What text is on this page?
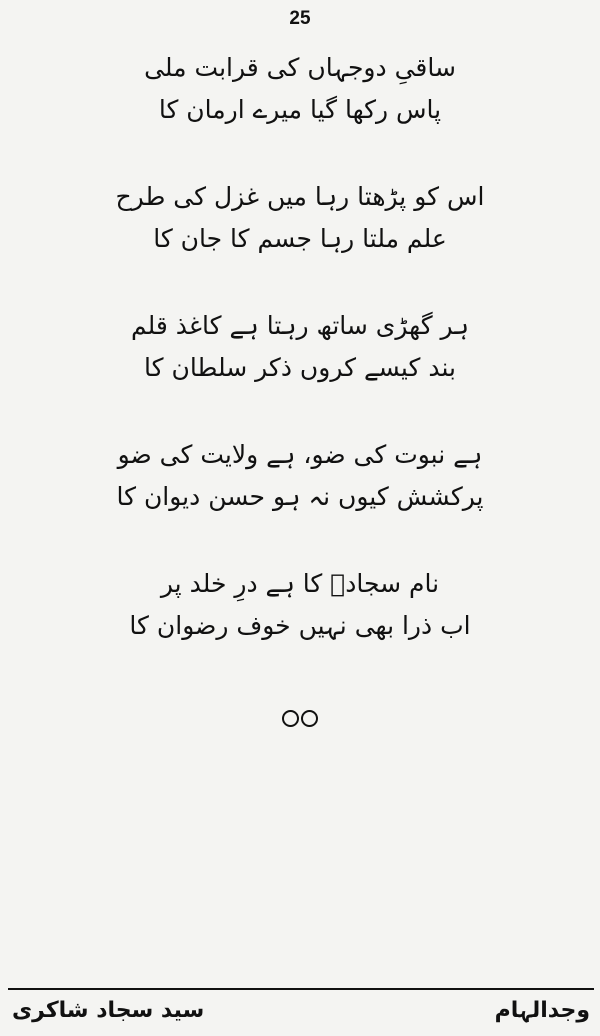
25
ساقیِ دوجہاں کی قرابت ملی
پاس رکھا گیا میرے ارمان کا
اس کو پڑھتا رہا میں غزل کی طرح
علم ملتا رہا جسم کا جان کا
ہر گھڑی ساتھ رہتا ہے کاغذ قلم
بند کیسے کروں ذکر سلطان کا
ہے نبوت کی ضو، ہے ولایت کی ضو
پرکشش کیوں نہ ہو حسن دیوان کا
نام سجادؔ کا ہے درِ خلد پر
اب ذرا بھی نہیں خوف رضوان کا
سید سجاد شاکری	وجدالہام
